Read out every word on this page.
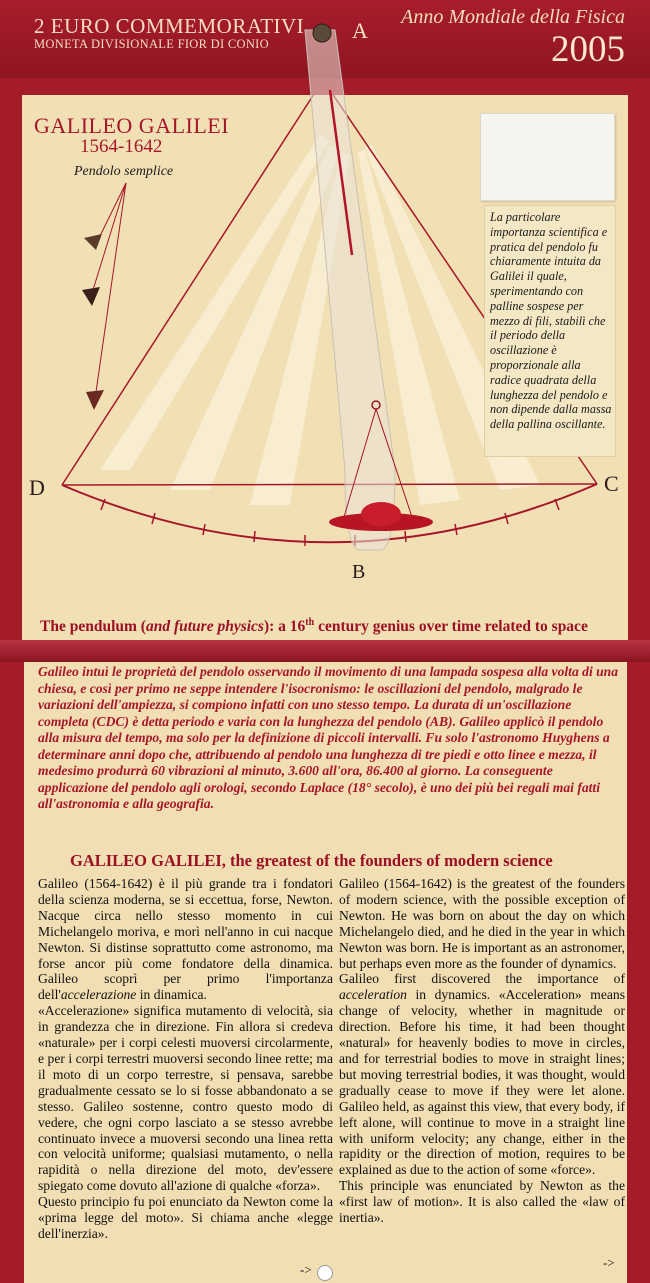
2 EURO COMMEMORATIVI
MONETA DIVISIONALE FIOR DI CONIO
Anno Mondiale della Fisica
2005
A
GALILEO GALILEI
1564-1642
Pendolo semplice
La particolare importanza scientifica e pratica del pendolo fu chiaramente intuita da Galilei il quale, sperimentando con palline sospese per mezzo di fili, stabilì che il periodo della oscillazione è proporzionale alla radice quadrata della lunghezza del pendolo e non dipende dalla massa della pallina oscillante.
D	C
B
The pendulum (and future physics): a 16th century genius over time related to space
Galileo intuì le proprietà del pendolo osservando il movimento di una lampada sospesa alla volta di una chiesa, e così per primo ne seppe intendere l'isocronismo: le oscillazioni del pendolo, malgrado le variazioni dell'ampiezza, si compiono infatti con uno stesso tempo. La durata di un'oscillazione completa (CDC) è detta periodo e varia con la lunghezza del pendolo (AB). Galileo applicò il pendolo alla misura del tempo, ma solo per la definizione di piccoli intervalli. Fu solo l'astronomo Huyghens a determinare anni dopo che, attribuendo al pendolo una lunghezza di tre piedi e otto linee e mezza, il medesimo produrrà 60 vibrazioni al minuto, 3.600 all'ora, 86.400 al giorno. La conseguente applicazione del pendolo agli orologi, secondo Laplace (18° secolo), è uno dei più bei regali mai fatti all'astronomia e alla geografia.
GALILEO GALILEI, the greatest of the founders of modern science

Galileo (1564-1642) è il più grande tra i fondatori della scienza moderna, se si eccettua, forse, Newton. Nacque circa nello stesso momento in cui Michelangelo moriva, e morì nell'anno in cui nacque Newton. Si distinse soprattutto come astronomo, ma forse ancor più come fondatore della dinamica. Galileo scoprì per primo l'importanza dell'accelerazione in dinamica.

«Accelerazione» significa mutamento di velocità, sia in grandezza che in direzione. Fin allora si credeva «naturale» per i corpi celesti muoversi circolarmente, e per i corpi terrestri muoversi secondo linee rette; ma il moto di un corpo terrestre, si pensava, sarebbe gradualmente cessato se lo si fosse abbandonato a se stesso. Galileo sostenne, contro questo modo di vedere, che ogni corpo lasciato a se stesso avrebbe continuato invece a muoversi secondo una linea retta con velocità uniforme; qualsiasi mutamento, o nella rapidità o nella direzione del moto, dev'essere spiegato come dovuto all'azione di qualche «forza».

Questo principio fu poi enunciato da Newton come la «prima legge del moto». Si chiama anche «legge dell'inerzia».

Galileo (1564-1642) is the greatest of the founders of modern science, with the possible exception of Newton. He was born on about the day on which Michelangelo died, and he died in the year in which Newton was born. He is important as an astronomer, but perhaps even more as the founder of dynamics.

Galileo first discovered the importance of acceleration in dynamics. «Acceleration» means change of velocity, whether in magnitude or direction. Before his time, it had been thought «natural» for heavenly bodies to move in circles, and for terrestrial bodies to move in straight lines; but moving terrestrial bodies, it was thought, would gradually cease to move if they were let alone. Galileo held, as against this view, that every body, if left alone, will continue to move in a straight line with uniform velocity; any change, either in the rapidity or the direction of motion, requires to be explained as due to the action of some «force».

This principle was enunciated by Newton as the «first law of motion». It is also called the «law of inertia».

->	->
